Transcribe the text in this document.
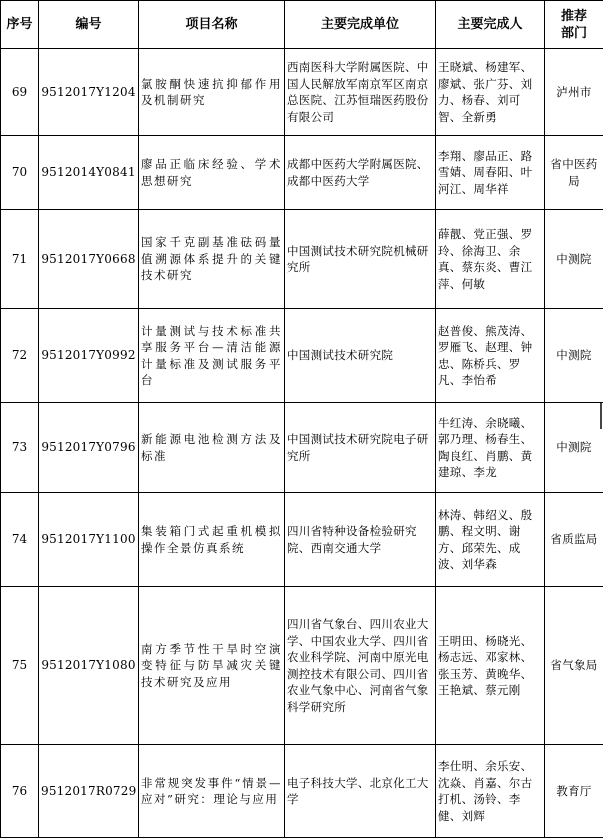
序号	编号	项目名称	主要完成单位	主要完成人	推荐
部门
69	9512017Y1204	氯胺酮快速抗抑郁作用及机制研究	西南医科大学附属医院、中国人民解放军南京军区南京总医院、江苏恒瑞医药股份有限公司	王晓斌、杨建军、廖斌、张广芬、刘力、杨春、刘可智、全新勇	泸州市
70	9512014Y0841	廖品正临床经验、学术思想研究	成都中医药大学附属医院、成都中医药大学	李翔、廖品正、路雪婧、周春阳、叶河江、周华祥	省中医药局
71	9512017Y0668	国家千克副基准砝码量值溯源体系提升的关键技术研究	中国测试技术研究院机械研究所	薛靓、党正强、罗玲、徐海卫、余真、蔡东炎、曹江萍、何敏	中测院
72	9512017Y0992	计量测试与技术标准共享服务平台—清洁能源计量标准及测试服务平台	中国测试技术研究院	赵普俊、熊茂涛、罗雁飞、赵理、钟忠、陈桥兵、罗凡、李怡希	中测院
73	9512017Y0796	新能源电池检测方法及标准	中国测试技术研究院电子研究所	牛红涛、余晓曦、郭乃理、杨春生、陶良红、肖鹏、黄建琼、李龙	中测院
74	9512017Y1100	集装箱门式起重机模拟操作全景仿真系统	四川省特种设备检验研究院、西南交通大学	林涛、韩绍义、殷鹏、程文明、谢方、邱荣先、成波、刘华森	省质监局
75	9512017Y1080	南方季节性干旱时空演变特征与防旱减灾关键技术研究及应用	四川省气象台、四川农业大学、中国农业大学、四川省农业科学院、河南中原光电测控技术有限公司、四川省农业气象中心、河南省气象科学研究所	王明田、杨晓光、杨志远、邓家林、张玉芳、黄晚华、王艳斌、蔡元刚	省气象局
76	9512017R0729	非常规突发事件“情景—应对”研究：理论与应用	电子科技大学、北京化工大学	李仕明、余乐安、沈焱、肖嘉、尔古打机、汤铃、李健、刘辉	教育厅
